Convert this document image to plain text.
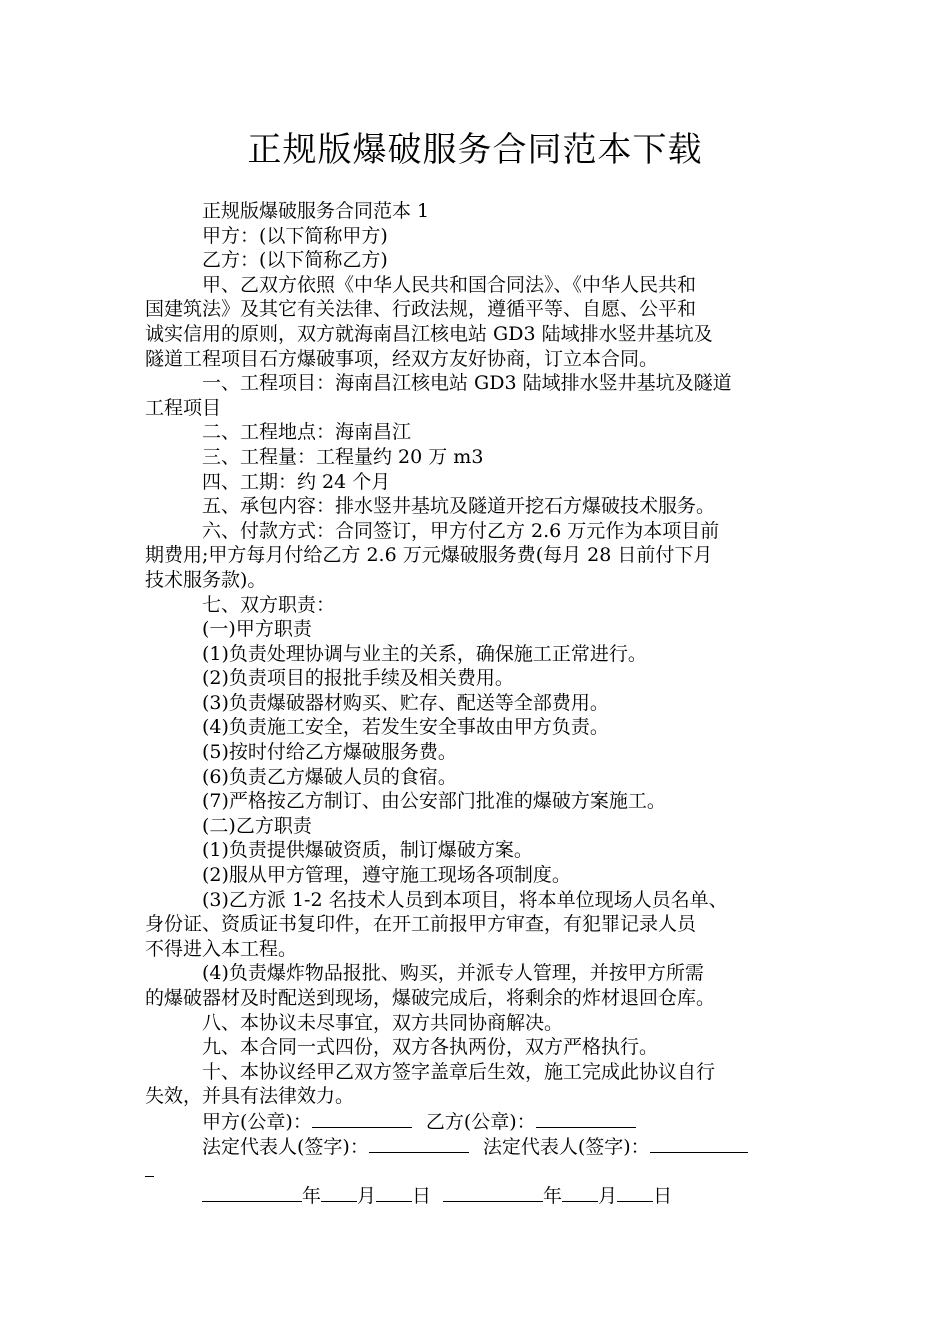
正规版爆破服务合同范本下载
正规版爆破服务合同范本 1
甲方：(以下简称甲方)
乙方：(以下简称乙方)
甲、乙双方依照《中华人民共和国合同法》、《中华人民共和
国建筑法》及其它有关法律、行政法规，遵循平等、自愿、公平和
诚实信用的原则，双方就海南昌江核电站 GD3 陆域排水竖井基坑及
隧道工程项目石方爆破事项，经双方友好协商，订立本合同。
一、工程项目：海南昌江核电站 GD3 陆域排水竖井基坑及隧道
工程项目
二、工程地点：海南昌江
三、工程量：工程量约 20 万 m3
四、工期：约 24 个月
五、承包内容：排水竖井基坑及隧道开挖石方爆破技术服务。
六、付款方式：合同签订，甲方付乙方 2.6 万元作为本项目前
期费用;甲方每月付给乙方 2.6 万元爆破服务费(每月 28 日前付下月
技术服务款)。
七、双方职责：
(一)甲方职责
(1)负责处理协调与业主的关系，确保施工正常进行。
(2)负责项目的报批手续及相关费用。
(3)负责爆破器材购买、贮存、配送等全部费用。
(4)负责施工安全，若发生安全事故由甲方负责。
(5)按时付给乙方爆破服务费。
(6)负责乙方爆破人员的食宿。
(7)严格按乙方制订、由公安部门批准的爆破方案施工。
(二)乙方职责
(1)负责提供爆破资质，制订爆破方案。
(2)服从甲方管理，遵守施工现场各项制度。
(3)乙方派 1-2 名技术人员到本项目，将本单位现场人员名单、
身份证、资质证书复印件，在开工前报甲方审查，有犯罪记录人员
不得进入本工程。
(4)负责爆炸物品报批、购买，并派专人管理，并按甲方所需
的爆破器材及时配送到现场，爆破完成后，将剩余的炸材退回仓库。
八、本协议未尽事宜，双方共同协商解决。
九、本合同一式四份，双方各执两份，双方严格执行。
十、本协议经甲乙双方签字盖章后生效，施工完成此协议自行
失效，并具有法律效力。
甲方(公章)：	乙方(公章)：
法定代表人(签字)：	法定代表人(签字)：
年 月 日	年 月 日
